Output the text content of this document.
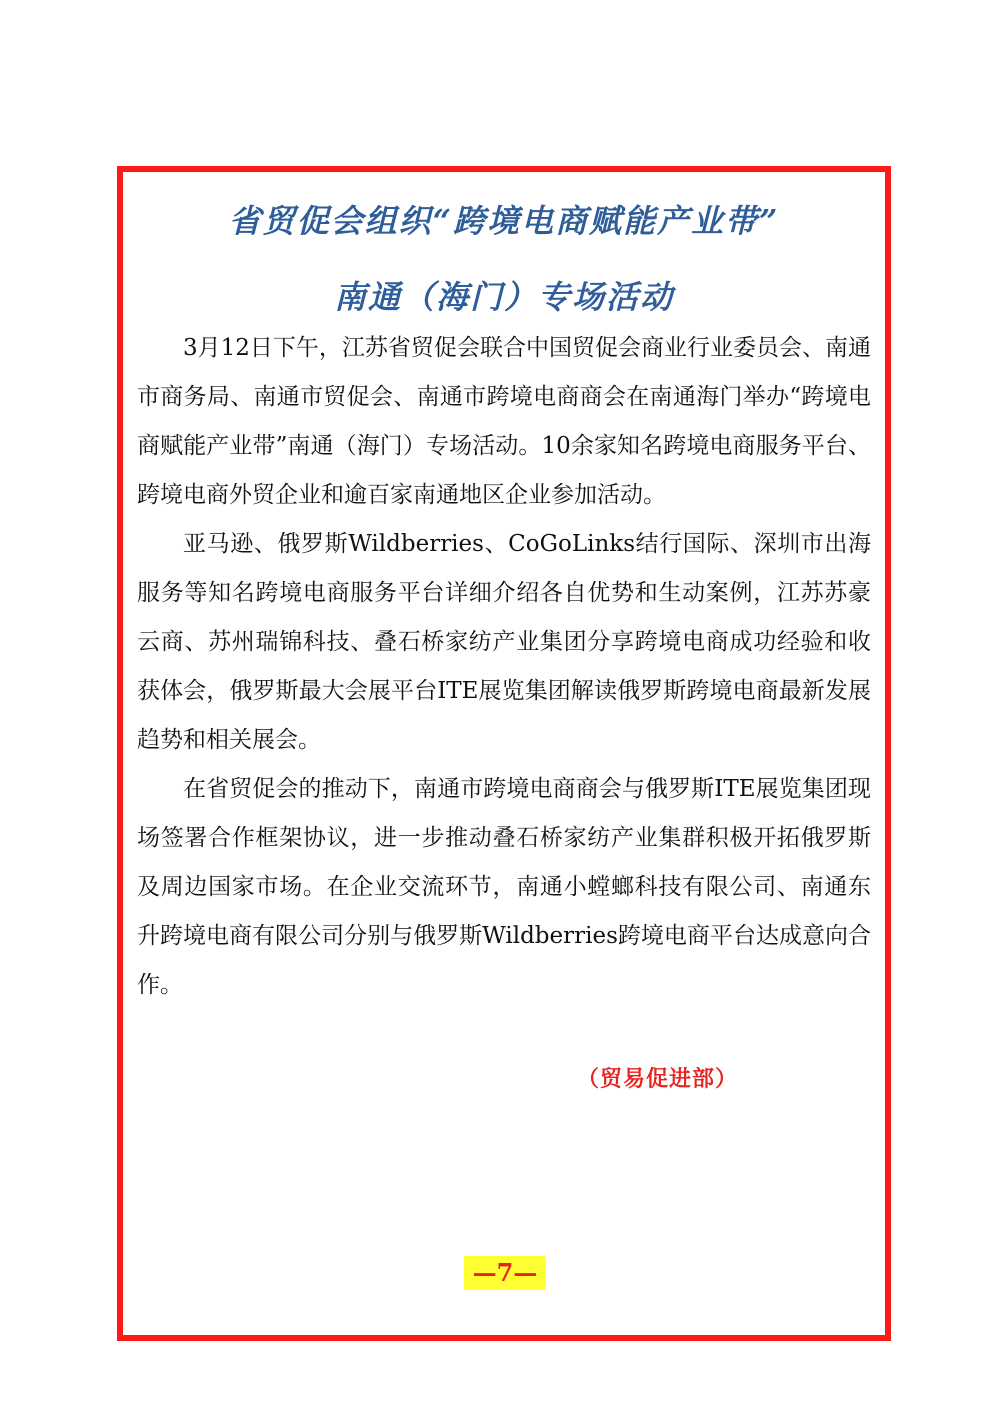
省贸促会组织“跨境电商赋能产业带”
南通（海门）专场活动

3月12日下午，江苏省贸促会联合中国贸促会商业行业委员会、南通市商务局、南通市贸促会、南通市跨境电商商会在南通海门举办“跨境电商赋能产业带”南通（海门）专场活动。10余家知名跨境电商服务平台、跨境电商外贸企业和逾百家南通地区企业参加活动。

亚马逊、俄罗斯Wildberries、CoGoLinks结行国际、深圳市出海服务等知名跨境电商服务平台详细介绍各自优势和生动案例，江苏苏豪云商、苏州瑞锦科技、叠石桥家纺产业集团分享跨境电商成功经验和收获体会，俄罗斯最大会展平台ITE展览集团解读俄罗斯跨境电商最新发展趋势和相关展会。

在省贸促会的推动下，南通市跨境电商商会与俄罗斯ITE展览集团现场签署合作框架协议，进一步推动叠石桥家纺产业集群积极开拓俄罗斯及周边国家市场。在企业交流环节，南通小螳螂科技有限公司、南通东升跨境电商有限公司分别与俄罗斯Wildberries跨境电商平台达成意向合作。

（贸易促进部）
—7—
